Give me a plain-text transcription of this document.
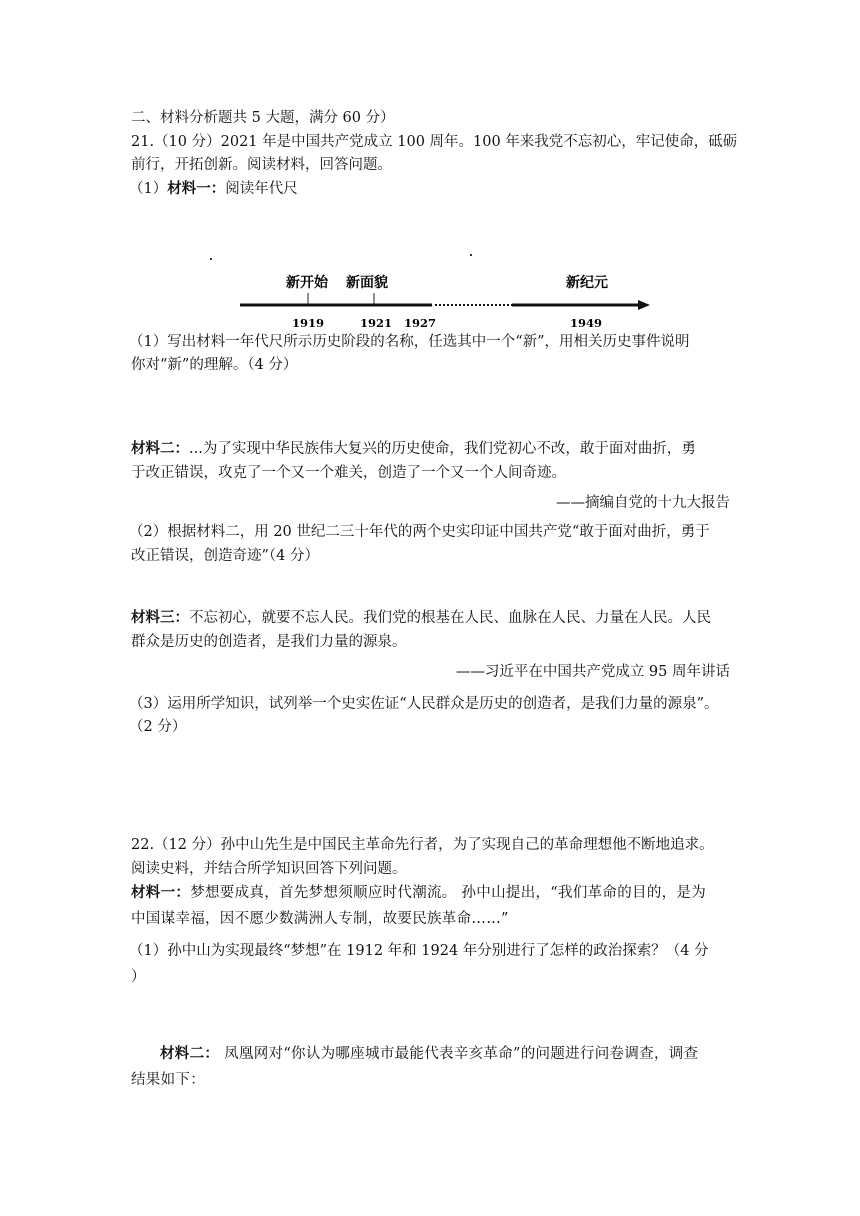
二、材料分析题共 5 大题，满分 60 分）
21.（10 分）2021 年是中国共产党成立 100 周年。100 年来我党不忘初心，牢记使命，砥砺
前行，开拓创新。阅读材料，回答问题。
（1）材料一：阅读年代尺
新开始 新面貌	新纪元
1919	1921 1927	1949
（1）写出材料一年代尺所示历史阶段的名称，任选其中一个“新”，用相关历史事件说明
你对“新”的理解。（4 分）
材料二：...为了实现中华民族伟大复兴的历史使命，我们党初心不改，敢于面对曲折，勇
于改正错误，攻克了一个又一个难关，创造了一个又一个人间奇迹。
——摘编自党的十九大报告
（2）根据材料二，用 20 世纪二三十年代的两个史实印证中国共产党“敢于面对曲折，勇于
改正错误，创造奇迹”（4 分）
材料三：不忘初心，就要不忘人民。我们党的根基在人民、血脉在人民、力量在人民。人民
群众是历史的创造者，是我们力量的源泉。
——习近平在中国共产党成立 95 周年讲话
（3）运用所学知识，试列举一个史实佐证“人民群众是历史的创造者，是我们力量的源泉”。
（2 分）
22.（12 分）孙中山先生是中国民主革命先行者，为了实现自己的革命理想他不断地追求。
阅读史料，并结合所学知识回答下列问题。
材料一：梦想要成真，首先梦想须顺应时代潮流。 孙中山提出，“我们革命的目的，是为
中国谋幸福，因不愿少数满洲人专制，故要民族革命……”
（1）孙中山为实现最终“梦想”在 1912 年和 1924 年分别进行了怎样的政治探索？（4 分
）
材料二： 凤凰网对“你认为哪座城市最能代表辛亥革命”的问题进行问卷调查，调查
结果如下：
